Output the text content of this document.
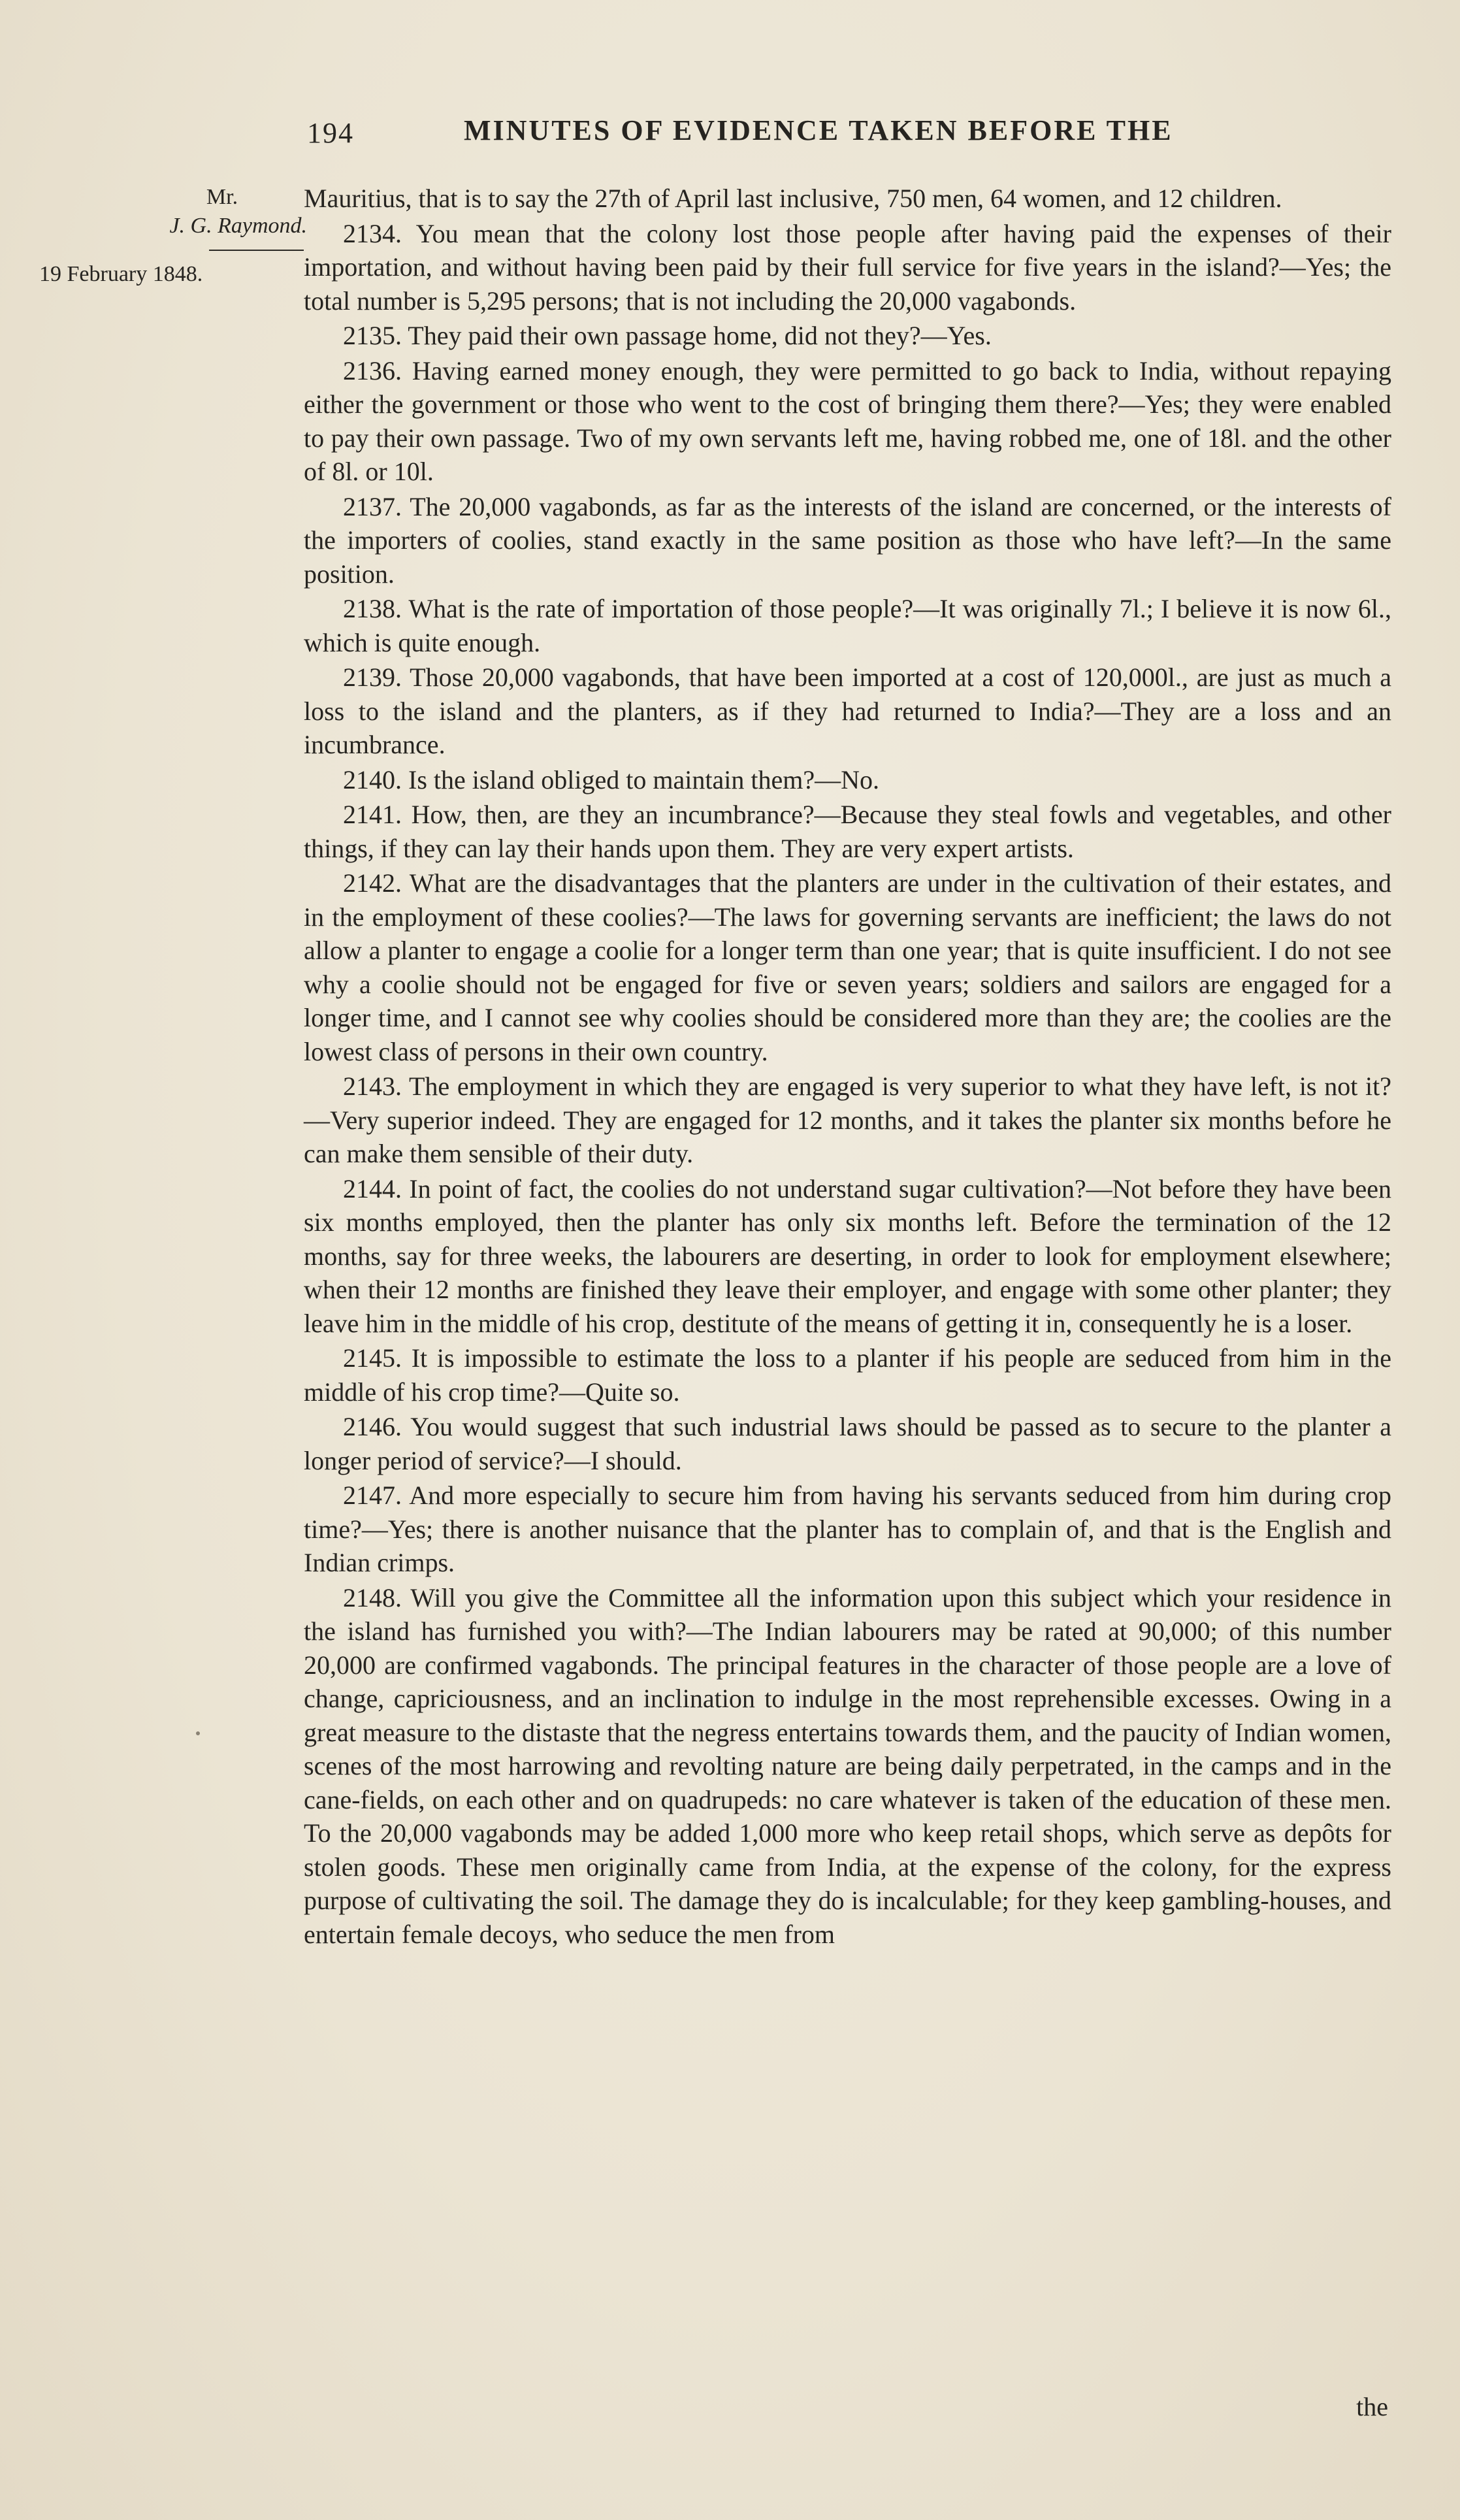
194	MINUTES OF EVIDENCE TAKEN BEFORE THE
Mr.
J. G. Raymond.
19 February 1848.

Mauritius, that is to say the 27th of April last inclusive, 750 men, 64 women, and 12 children.

2134. You mean that the colony lost those people after having paid the expenses of their importation, and without having been paid by their full service for five years in the island?—Yes; the total number is 5,295 persons; that is not including the 20,000 vagabonds.

2135. They paid their own passage home, did not they?—Yes.

2136. Having earned money enough, they were permitted to go back to India, without repaying either the government or those who went to the cost of bringing them there?—Yes; they were enabled to pay their own passage. Two of my own servants left me, having robbed me, one of 18l. and the other of 8l. or 10l.

2137. The 20,000 vagabonds, as far as the interests of the island are concerned, or the interests of the importers of coolies, stand exactly in the same position as those who have left?—In the same position.

2138. What is the rate of importation of those people?—It was originally 7l.; I believe it is now 6l., which is quite enough.

2139. Those 20,000 vagabonds, that have been imported at a cost of 120,000l., are just as much a loss to the island and the planters, as if they had returned to India?—They are a loss and an incumbrance.

2140. Is the island obliged to maintain them?—No.

2141. How, then, are they an incumbrance?—Because they steal fowls and vegetables, and other things, if they can lay their hands upon them. They are very expert artists.

2142. What are the disadvantages that the planters are under in the cultivation of their estates, and in the employment of these coolies?—The laws for governing servants are inefficient; the laws do not allow a planter to engage a coolie for a longer term than one year; that is quite insufficient. I do not see why a coolie should not be engaged for five or seven years; soldiers and sailors are engaged for a longer time, and I cannot see why coolies should be considered more than they are; the coolies are the lowest class of persons in their own country.

2143. The employment in which they are engaged is very superior to what they have left, is not it?—Very superior indeed. They are engaged for 12 months, and it takes the planter six months before he can make them sensible of their duty.

2144. In point of fact, the coolies do not understand sugar cultivation?—Not before they have been six months employed, then the planter has only six months left. Before the termination of the 12 months, say for three weeks, the labourers are deserting, in order to look for employment elsewhere; when their 12 months are finished they leave their employer, and engage with some other planter; they leave him in the middle of his crop, destitute of the means of getting it in, consequently he is a loser.

2145. It is impossible to estimate the loss to a planter if his people are seduced from him in the middle of his crop time?—Quite so.

2146. You would suggest that such industrial laws should be passed as to secure to the planter a longer period of service?—I should.

2147. And more especially to secure him from having his servants seduced from him during crop time?—Yes; there is another nuisance that the planter has to complain of, and that is the English and Indian crimps.

2148. Will you give the Committee all the information upon this subject which your residence in the island has furnished you with?—The Indian labourers may be rated at 90,000; of this number 20,000 are confirmed vagabonds. The principal features in the character of those people are a love of change, capriciousness, and an inclination to indulge in the most reprehensible excesses. Owing in a great measure to the distaste that the negress entertains towards them, and the paucity of Indian women, scenes of the most harrowing and revolting nature are being daily perpetrated, in the camps and in the cane-fields, on each other and on quadrupeds: no care whatever is taken of the education of these men. To the 20,000 vagabonds may be added 1,000 more who keep retail shops, which serve as depôts for stolen goods. These men originally came from India, at the expense of the colony, for the express purpose of cultivating the soil. The damage they do is incalculable; for they keep gambling-houses, and entertain female decoys, who seduce the men from

the
